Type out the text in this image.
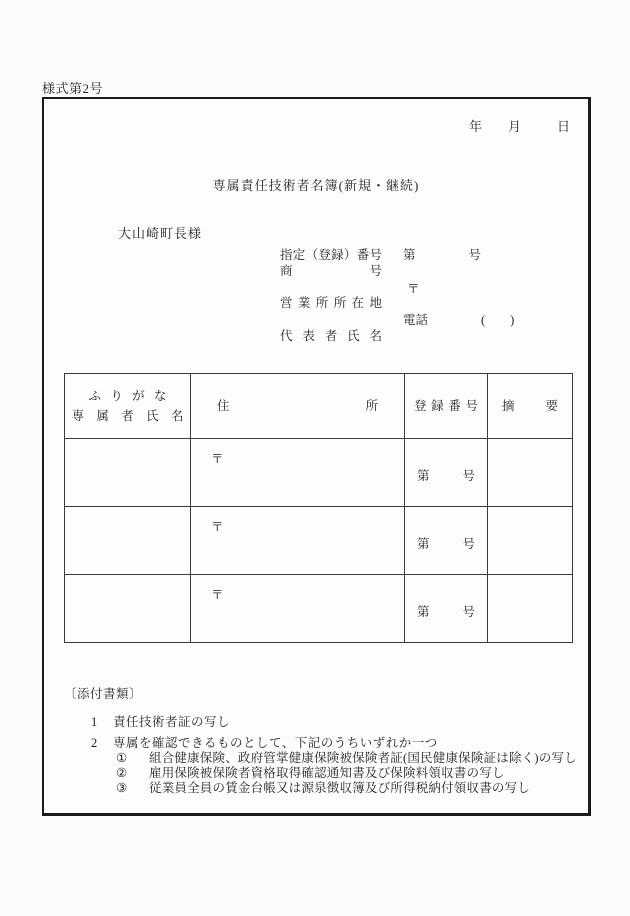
様式第2号
年 月	日
専属責任技術者名簿(新規・継続)
大山崎町長様
指定（登録）番号 第	号
商号
〒
営業所所在地
電話	(　　)
代表者氏名
ふりがな
専属者氏名	住所	登録番号	摘要

	〒	第 号	

	〒	第 号	

	〒	第 号	

〔添付書類〕
1 責任技術者証の写し
2 専属を確認できるものとして、下記のうちいずれか一つ
① 組合健康保険、政府管掌健康保険被保険者証(国民健康保険証は除く)の写し
② 雇用保険被保険者資格取得確認通知書及び保険料領収書の写し
③ 従業員全員の賃金台帳又は源泉徴収簿及び所得税納付領収書の写し
